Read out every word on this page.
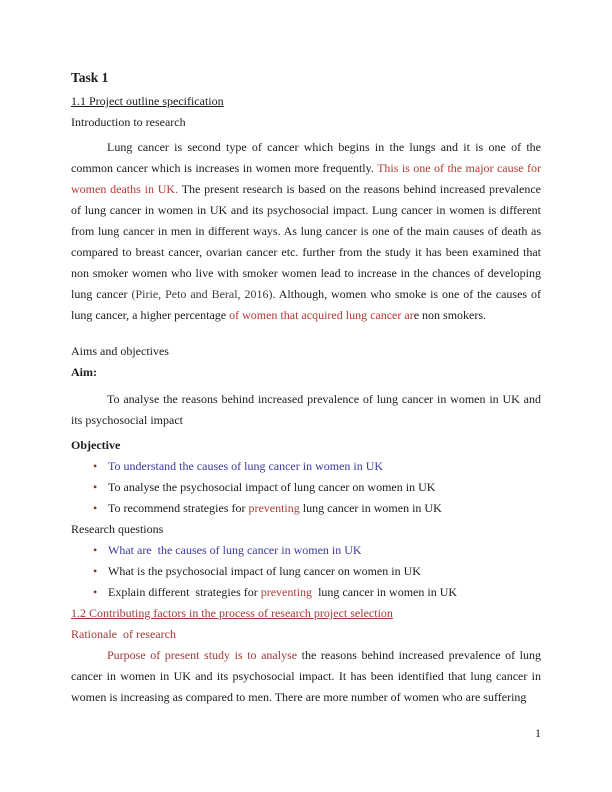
Task 1
1.1 Project outline specification
Introduction to research

Lung cancer is second type of cancer which begins in the lungs and it is one of the common cancer which is increases in women more frequently. This is one of the major cause for women deaths in UK. The present research is based on the reasons behind increased prevalence of lung cancer in women in UK and its psychosocial impact. Lung cancer in women is different from lung cancer in men in different ways. As lung cancer is one of the main causes of death as compared to breast cancer, ovarian cancer etc. further from the study it has been examined that non smoker women who live with smoker women lead to increase in the chances of developing lung cancer (Pirie, Peto and Beral, 2016). Although, women who smoke is one of the causes of lung cancer, a higher percentage of women that acquired lung cancer are non smokers.

Aims and objectives
Aim:

To analyse the reasons behind increased prevalence of lung cancer in women in UK and its psychosocial impact

Objective
• To understand the causes of lung cancer in women in UK
• To analyse the psychosocial impact of lung cancer on women in UK
• To recommend strategies for preventing lung cancer in women in UK
Research questions
• What are  the causes of lung cancer in women in UK
• What is the psychosocial impact of lung cancer on women in UK
• Explain different  strategies for preventing  lung cancer in women in UK
1.2 Contributing factors in the process of research project selection
Rationale  of research

Purpose of present study is to analyse the reasons behind increased prevalence of lung cancer in women in UK and its psychosocial impact. It has been identified that lung cancer in women is increasing as compared to men. There are more number of women who are suffering

1
